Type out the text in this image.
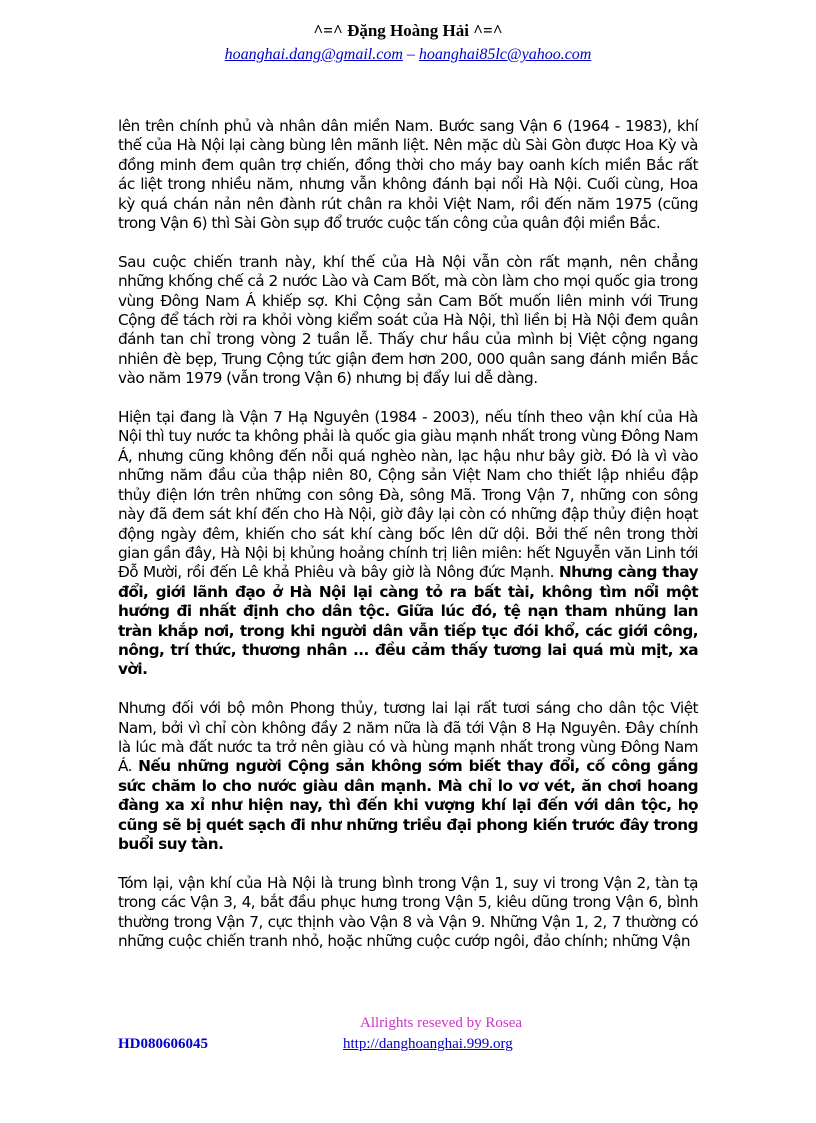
^=^ Đặng Hoàng Hải ^=^
hoanghai.dang@gmail.com – hoanghai85lc@yahoo.com

lên trên chính phủ và nhân dân miền Nam. Bước sang Vận 6 (1964 - 1983), khí thế của Hà Nội lại càng bùng lên mãnh liệt. Nên mặc dù Sài Gòn được Hoa Kỳ và đồng minh đem quân trợ chiến, đồng thời cho máy bay oanh kích miền Bắc rất ác liệt trong nhiều năm, nhưng vẫn không đánh bại nổi Hà Nội. Cuối cùng, Hoa kỳ quá chán nản nên đành rút chân ra khỏi Việt Nam, rồi đến năm 1975 (cũng trong Vận 6) thì Sài Gòn sụp đổ trước cuộc tấn công của quân đội miền Bắc.

Sau cuộc chiến tranh này, khí thế của Hà Nội vẫn còn rất mạnh, nên chẳng những khống chế cả 2 nước Lào và Cam Bốt, mà còn làm cho mọi quốc gia trong vùng Đông Nam Á khiếp sợ. Khi Cộng sản Cam Bốt muốn liên minh với Trung Cộng để tách rời ra khỏi vòng kiểm soát của Hà Nội, thì liền bị Hà Nội đem quân đánh tan chỉ trong vòng 2 tuần lễ. Thấy chư hầu của mình bị Việt cộng ngang nhiên đè bẹp, Trung Cộng tức giận đem hơn 200, 000 quân sang đánh miền Bắc vào năm 1979 (vẫn trong Vận 6) nhưng bị đẩy lui dễ dàng.

Hiện tại đang là Vận 7 Hạ Nguyên (1984 - 2003), nếu tính theo vận khí của Hà Nội thì tuy nước ta không phải là quốc gia giàu mạnh nhất trong vùng Đông Nam Á, nhưng cũng không đến nỗi quá nghèo nàn, lạc hậu như bây giờ. Đó là vì vào những năm đầu của thập niên 80, Cộng sản Việt Nam cho thiết lập nhiều đập thủy điện lớn trên những con sông Đà, sông Mã. Trong Vận 7, những con sông này đã đem sát khí đến cho Hà Nội, giờ đây lại còn có những đập thủy điện hoạt động ngày đêm, khiến cho sát khí càng bốc lên dữ dội. Bởi thế nên trong thời gian gần đây, Hà Nội bị khủng hoảng chính trị liên miên: hết Nguyễn văn Linh tới Đỗ Mười, rồi đến Lê khả Phiêu và bây giờ là Nông đức Mạnh. Nhưng càng thay đổi, giới lãnh đạo ở Hà Nội lại càng tỏ ra bất tài, không tìm nổi một hướng đi nhất định cho dân tộc. Giữa lúc đó, tệ nạn tham nhũng lan tràn khắp nơi, trong khi người dân vẫn tiếp tục đói khổ, các giới công, nông, trí thức, thương nhân ... đều cảm thấy tương lai quá mù mịt, xa vời.

Nhưng đối với bộ môn Phong thủy, tương lai lại rất tươi sáng cho dân tộc Việt Nam, bởi vì chỉ còn không đầy 2 năm nữa là đã tới Vận 8 Hạ Nguyên. Đây chính là lúc mà đất nước ta trở nên giàu có và hùng mạnh nhất trong vùng Đông Nam Á. Nếu những người Cộng sản không sớm biết thay đổi, cố công gắng sức chăm lo cho nước giàu dân mạnh. Mà chỉ lo vơ vét, ăn chơi hoang đàng xa xỉ như hiện nay, thì đến khi vượng khí lại đến với dân tộc, họ cũng sẽ bị quét sạch đi như những triều đại phong kiến trước đây trong buổi suy tàn.

Tóm lại, vận khí của Hà Nội là trung bình trong Vận 1, suy vi trong Vận 2, tàn tạ trong các Vận 3, 4, bắt đầu phục hưng trong Vận 5, kiêu dũng trong Vận 6, bình thường trong Vận 7, cực thịnh vào Vận 8 và Vận 9. Những Vận 1, 2, 7 thường có những cuộc chiến tranh nhỏ, hoặc những cuộc cướp ngôi, đảo chính; những Vận

Allrights reseved by Rosea
HD080606045	http://danghoanghai.999.org
